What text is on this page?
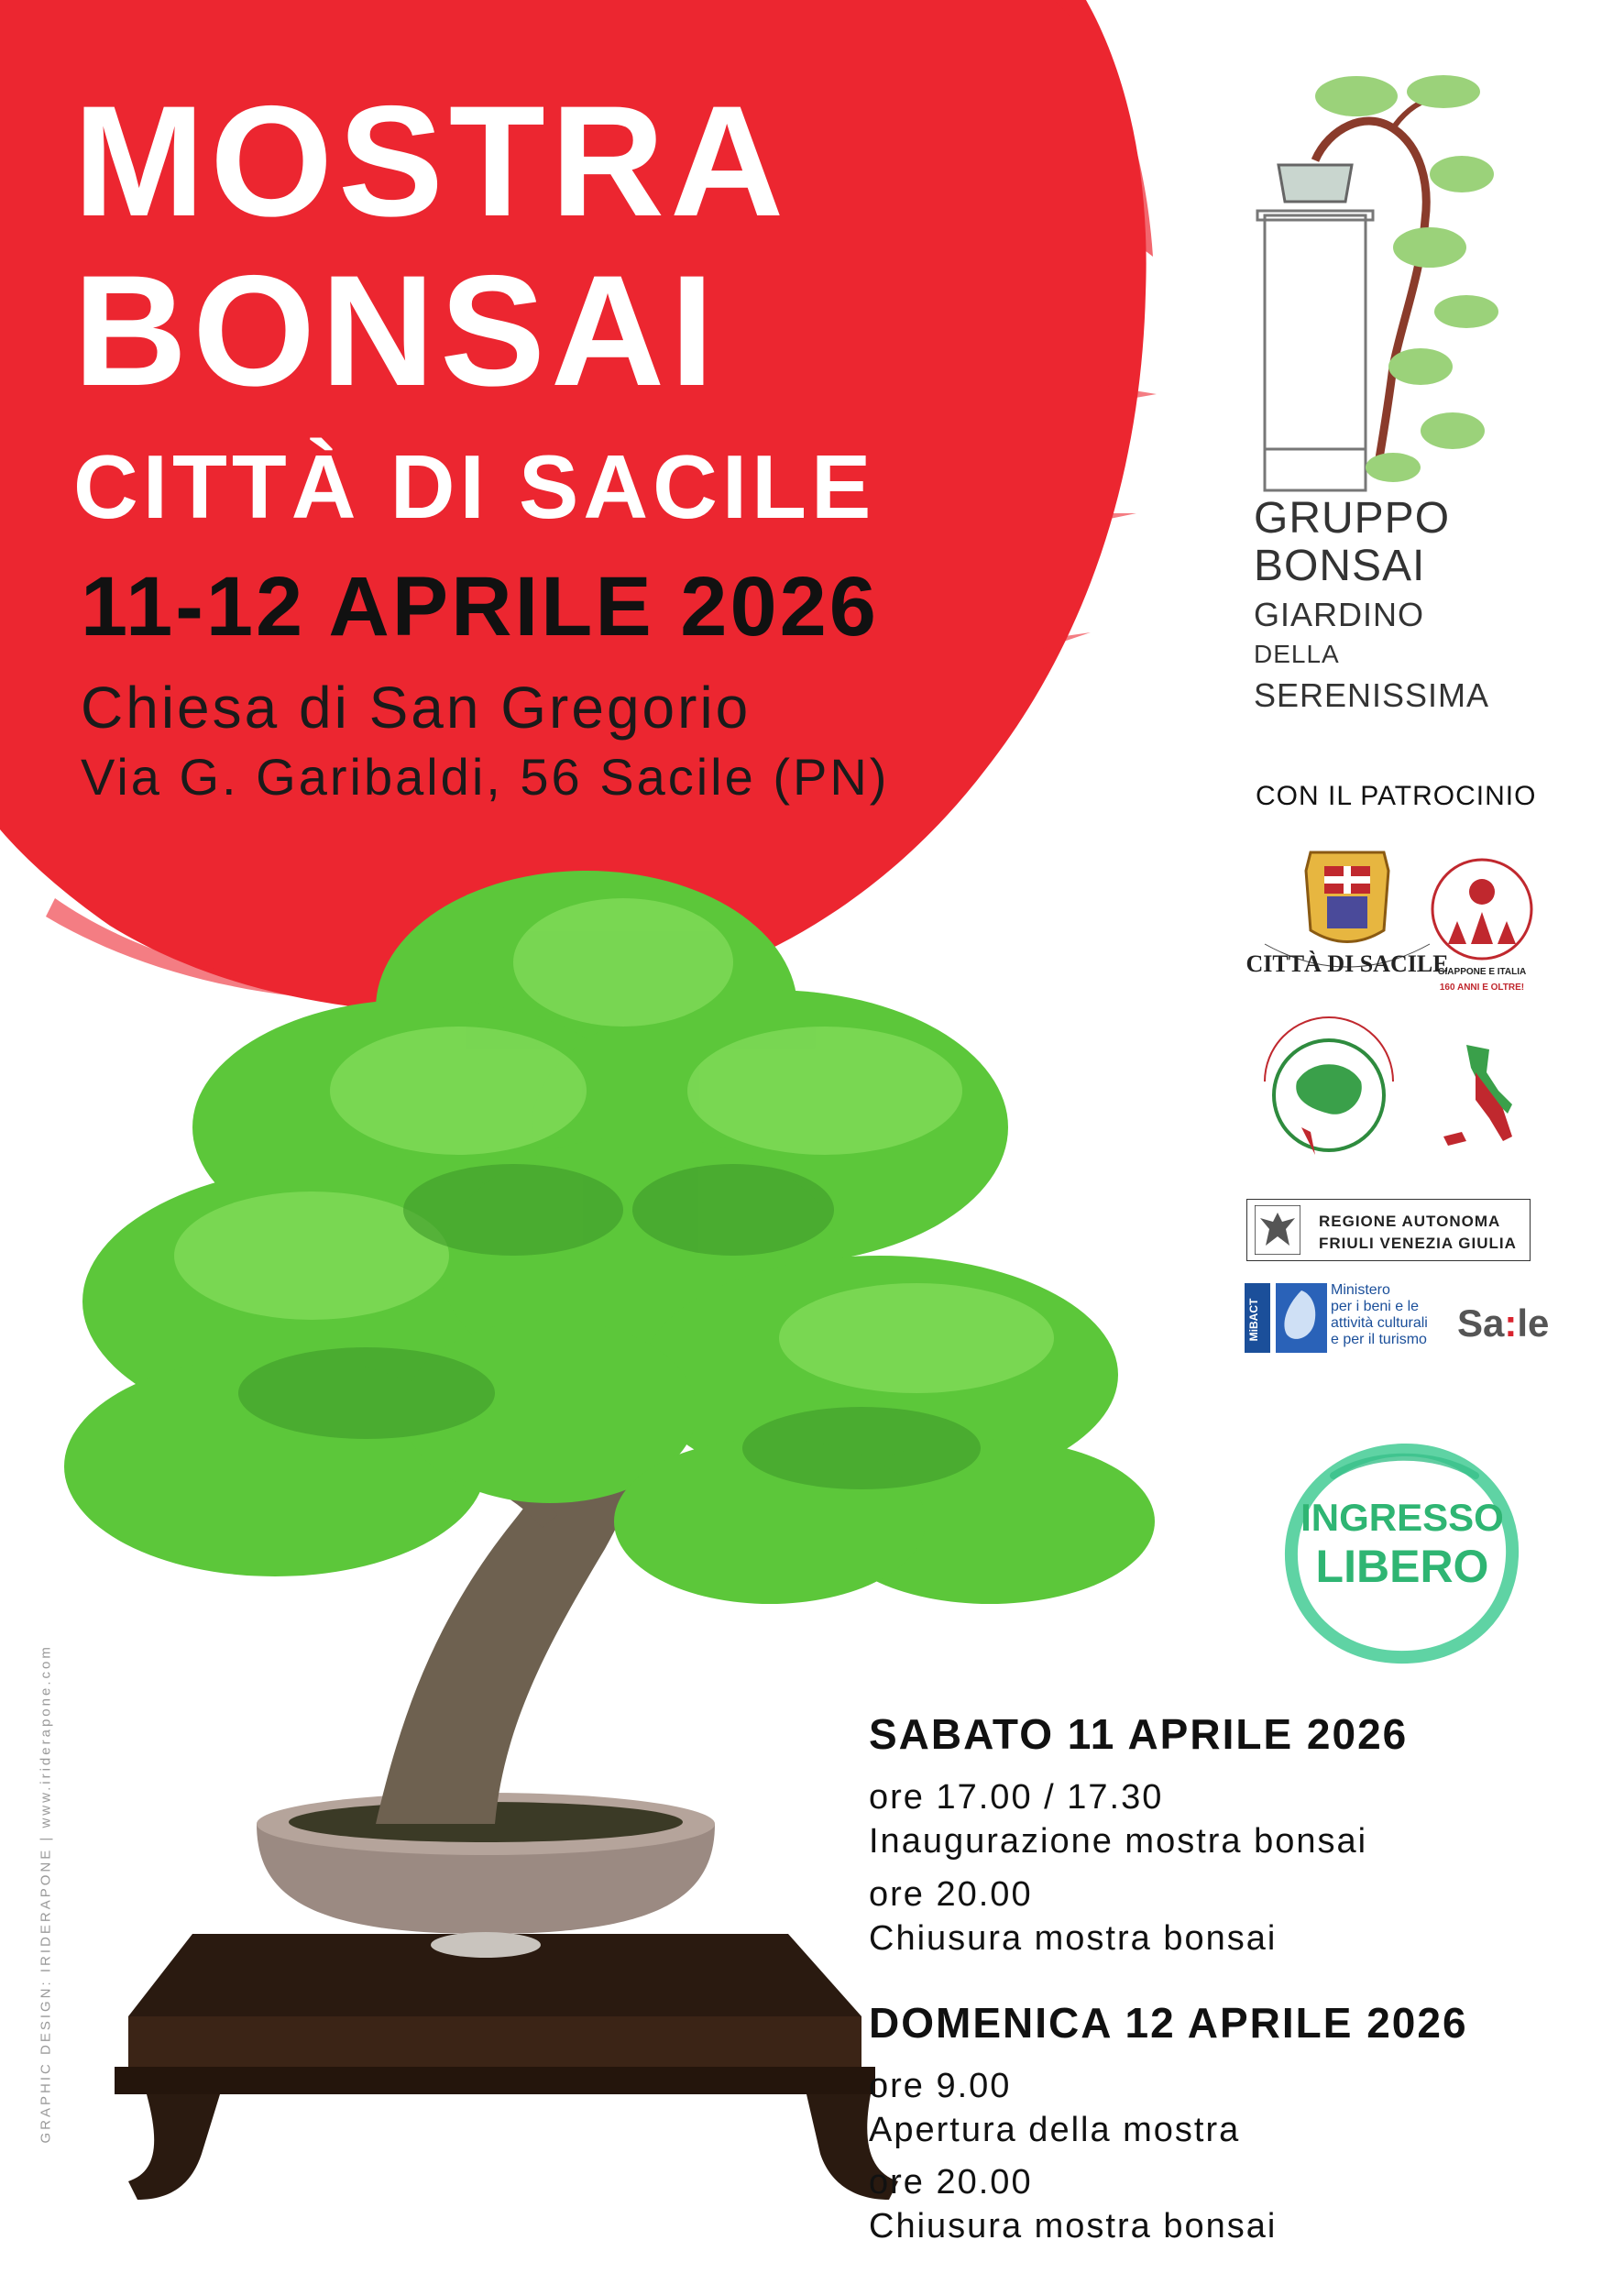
MOSTRA
BONSAI
CITTÀ DI SACILE
11-12 APRILE 2026
Chiesa di San Gregorio
Via G. Garibaldi, 56 Sacile (PN)
GRUPPO
BONSAI
GIARDINO
DELLA
SERENISSIMA
CON IL PATROCINIO
CITTÀ DI SACILE
GIAPPONE E ITALIA
160 ANNI E OLTRE!
REGIONE AUTONOMA
FRIULI VENEZIA GIULIA
MiBACT
Ministero
per i beni e le
attività culturali
e per il turismo Sa:le
INGRESSO
LIBERO
GRAPHIC DESIGN: IRIDERAPONE | www.iriderapone.com	SABATO 11 APRILE 2026
ore 17.00 / 17.30
Inaugurazione mostra bonsai
ore 20.00
Chiusura mostra bonsai
DOMENICA 12 APRILE 2026
ore 9.00
Apertura della mostra
ore 20.00
Chiusura mostra bonsai
